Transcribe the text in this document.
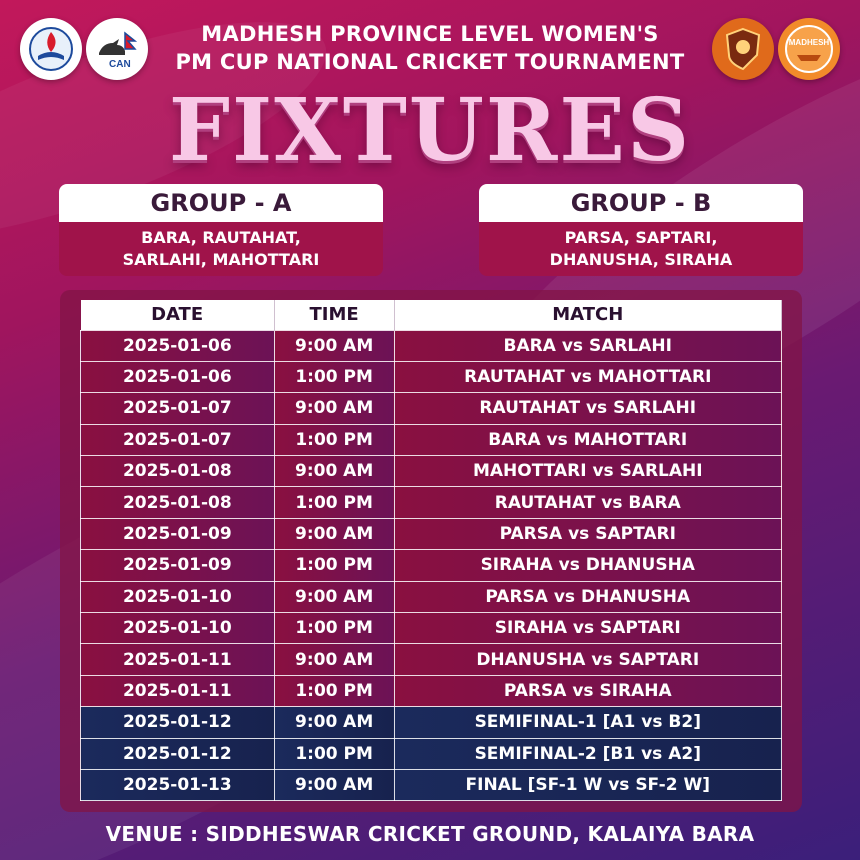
CAN
MADHESH
MADHESH PROVINCE LEVEL WOMEN'S
PM CUP NATIONAL CRICKET TOURNAMENT
FIXTURES
GROUP - A
BARA, RAUTAHAT,
SARLAHI, MAHOTTARI
GROUP - B
PARSA, SAPTARI,
DHANUSHA, SIRAHA
DATE	TIME	MATCH
2025-01-06	9:00 AM	BARA vs SARLAHI
2025-01-06	1:00 PM	RAUTAHAT vs MAHOTTARI
2025-01-07	9:00 AM	RAUTAHAT vs SARLAHI
2025-01-07	1:00 PM	BARA vs MAHOTTARI
2025-01-08	9:00 AM	MAHOTTARI vs SARLAHI
2025-01-08	1:00 PM	RAUTAHAT vs BARA
2025-01-09	9:00 AM	PARSA vs SAPTARI
2025-01-09	1:00 PM	SIRAHA vs DHANUSHA
2025-01-10	9:00 AM	PARSA vs DHANUSHA
2025-01-10	1:00 PM	SIRAHA vs SAPTARI
2025-01-11	9:00 AM	DHANUSHA vs SAPTARI
2025-01-11	1:00 PM	PARSA vs SIRAHA
2025-01-12	9:00 AM	SEMIFINAL-1 [A1 vs B2]
2025-01-12	1:00 PM	SEMIFINAL-2 [B1 vs A2]
2025-01-13	9:00 AM	FINAL [SF-1 W vs SF-2 W]
VENUE : SIDDHESWAR CRICKET GROUND, KALAIYA BARA
